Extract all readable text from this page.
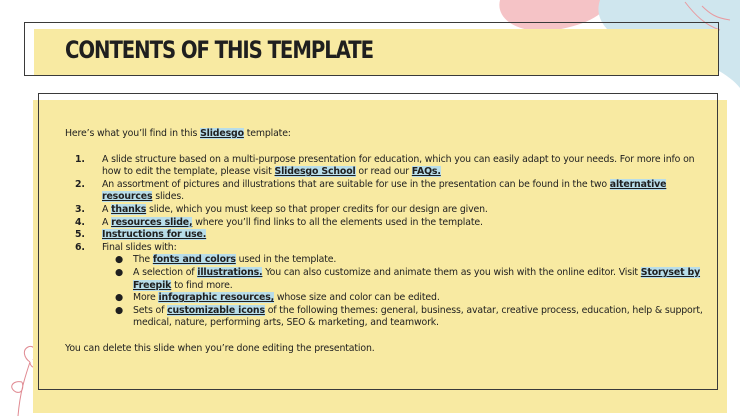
CONTENTS OF THIS TEMPLATE

Here’s what you’ll find in this Slidesgo template:

1. A slide structure based on a multi-purpose presentation for education, which you can easily adapt to your needs. For more info on how to edit the template, please visit Slidesgo School or read our FAQs.
2. An assortment of pictures and illustrations that are suitable for use in the presentation can be found in the two alternative resources slides.
3. A thanks slide, which you must keep so that proper credits for our design are given.
4. A resources slide, where you’ll find links to all the elements used in the template.
5. Instructions for use.
6. Final slides with:
● The fonts and colors used in the template.
● A selection of illustrations. You can also customize and animate them as you wish with the online editor. Visit Storyset by Freepik to find more.
● More infographic resources, whose size and color can be edited.
● Sets of customizable icons of the following themes: general, business, avatar, creative process, education, help & support, medical, nature, performing arts, SEO & marketing, and teamwork.

You can delete this slide when you’re done editing the presentation.
